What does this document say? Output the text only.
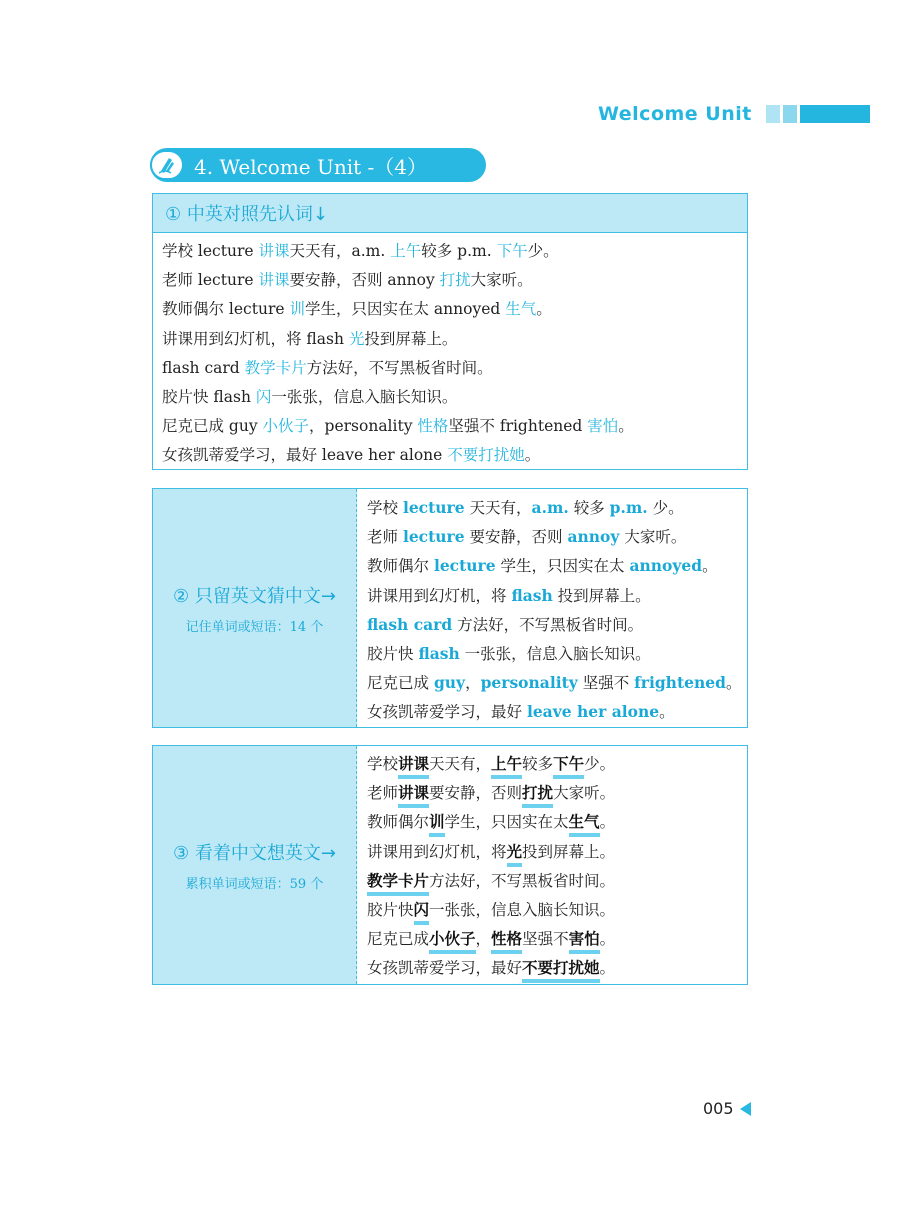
Welcome Unit
4. Welcome Unit -（4）
① 中英对照先认词↓
学校 lecture 讲课天天有，a.m. 上午较多 p.m. 下午少。
老师 lecture 讲课要安静，否则 annoy 打扰大家听。
教师偶尔 lecture 训学生，只因实在太 annoyed 生气。
讲课用到幻灯机，将 flash 光投到屏幕上。
flash card 教学卡片方法好，不写黑板省时间。
胶片快 flash 闪一张张，信息入脑长知识。
尼克已成 guy 小伙子，personality 性格坚强不 frightened 害怕。
女孩凯蒂爱学习，最好 leave her alone 不要打扰她。
② 只留英文猜中文→
记住单词或短语：14 个
学校 lecture 天天有，a.m. 较多 p.m. 少。
老师 lecture 要安静，否则 annoy 大家听。
教师偶尔 lecture 学生，只因实在太 annoyed。
讲课用到幻灯机，将 flash 投到屏幕上。
flash card 方法好，不写黑板省时间。
胶片快 flash 一张张，信息入脑长知识。
尼克已成 guy，personality 坚强不 frightened。
女孩凯蒂爱学习，最好 leave her alone。
③ 看着中文想英文→
累积单词或短语：59 个
学校讲课天天有，上午较多下午少。
老师讲课要安静，否则打扰大家听。
教师偶尔训学生，只因实在太生气。
讲课用到幻灯机，将光投到屏幕上。
教学卡片方法好，不写黑板省时间。
胶片快闪一张张，信息入脑长知识。
尼克已成小伙子，性格坚强不害怕。
女孩凯蒂爱学习，最好不要打扰她。
005
